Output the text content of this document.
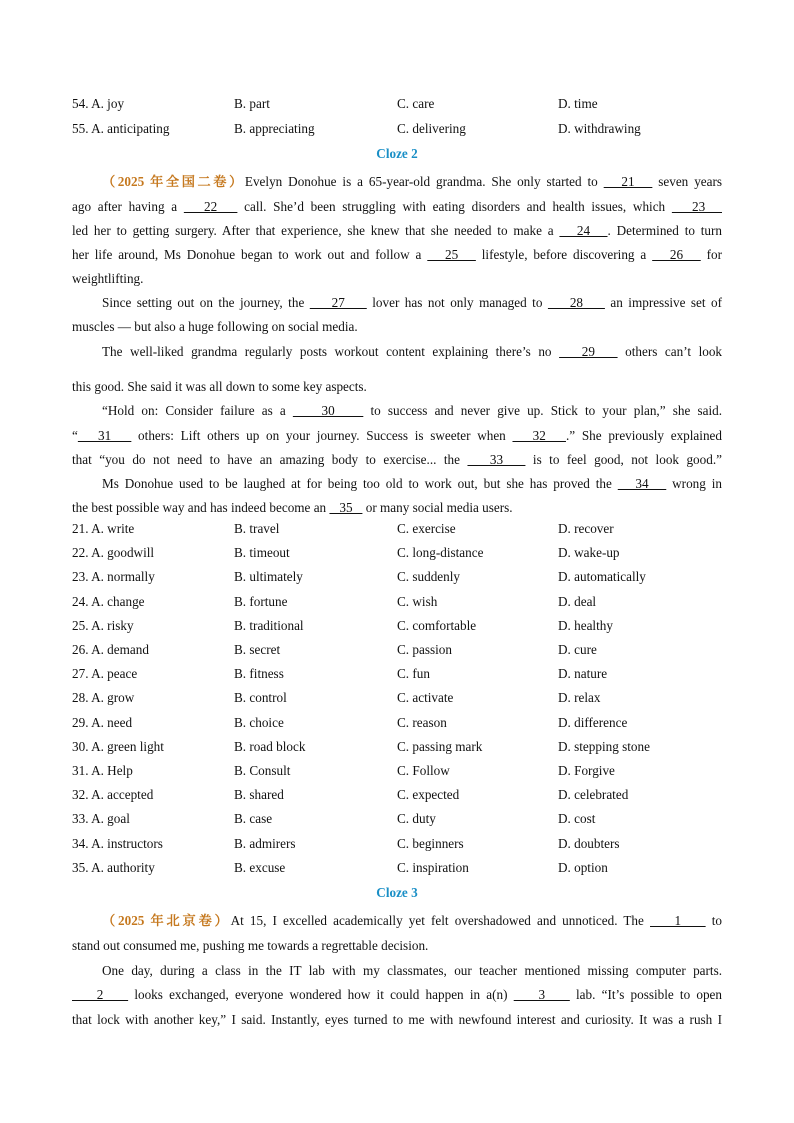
54. A. joy	B. part	C. care	D. time
55. A. anticipating	B. appreciating	C. delivering	D. withdrawing
Cloze 2
（2025 年全国二卷）Evelyn Donohue is a 65-year-old grandma. She only started to    21    seven years
ago after having a    22    call. She’d been struggling with eating disorders and health issues, which    23
led her to getting surgery. After that experience, she knew that she needed to make a    24   . Determined to turn
her life around, Ms Donohue began to work out and follow a    25    lifestyle, before discovering a    26    for
weightlifting.
Since setting out on the journey, the     27     lover has not only managed to     28     an impressive set of
muscles — but also a huge following on social media.
The well-liked grandma regularly posts workout content explaining there’s no    29    others can’t look
this good. She said it was all down to some key aspects.
“Hold on: Consider failure as a     30     to success and never give up. Stick to your plan,” she said.
“   31    others: Lift others up on your journey. Success is sweeter when    32   .” She previously explained
that “you do not need to have an amazing body to exercise... the    33    is to feel good, not look good.”
Ms Donohue used to be laughed at for being too old to work out, but she has proved the    34    wrong in
the best possible way and has indeed become an    35    or many social media users.
21. A. write	B. travel	C. exercise	D. recover
22. A. goodwill	B. timeout	C. long-distance	D. wake-up
23. A. normally	B. ultimately	C. suddenly	D. automatically
24. A. change	B. fortune	C. wish	D. deal
25. A. risky	B. traditional	C. comfortable	D. healthy
26. A. demand	B. secret	C. passion	D. cure
27. A. peace	B. fitness	C. fun	D. nature
28. A. grow	B. control	C. activate	D. relax
29. A. need	B. choice	C. reason	D. difference
30. A. green light	B. road block	C. passing mark	D. stepping stone
31. A. Help	B. Consult	C. Follow	D. Forgive
32. A. accepted	B. shared	C. expected	D. celebrated
33. A. goal	B. case	C. duty	D. cost
34. A. instructors	B. admirers	C. beginners	D. doubters
35. A. authority	B. excuse	C. inspiration	D. option
Cloze 3
（2025 年北京卷）At 15, I excelled academically yet felt overshadowed and unnoticed. The     1     to
stand out consumed me, pushing me towards a regrettable decision.
One day, during a class in the IT lab with my classmates, our teacher mentioned missing computer parts.
2     looks exchanged, everyone wondered how it could happen in a(n)     3     lab. “It’s possible to open
that lock with another key,” I said. Instantly, eyes turned to me with newfound interest and curiosity. It was a rush I
